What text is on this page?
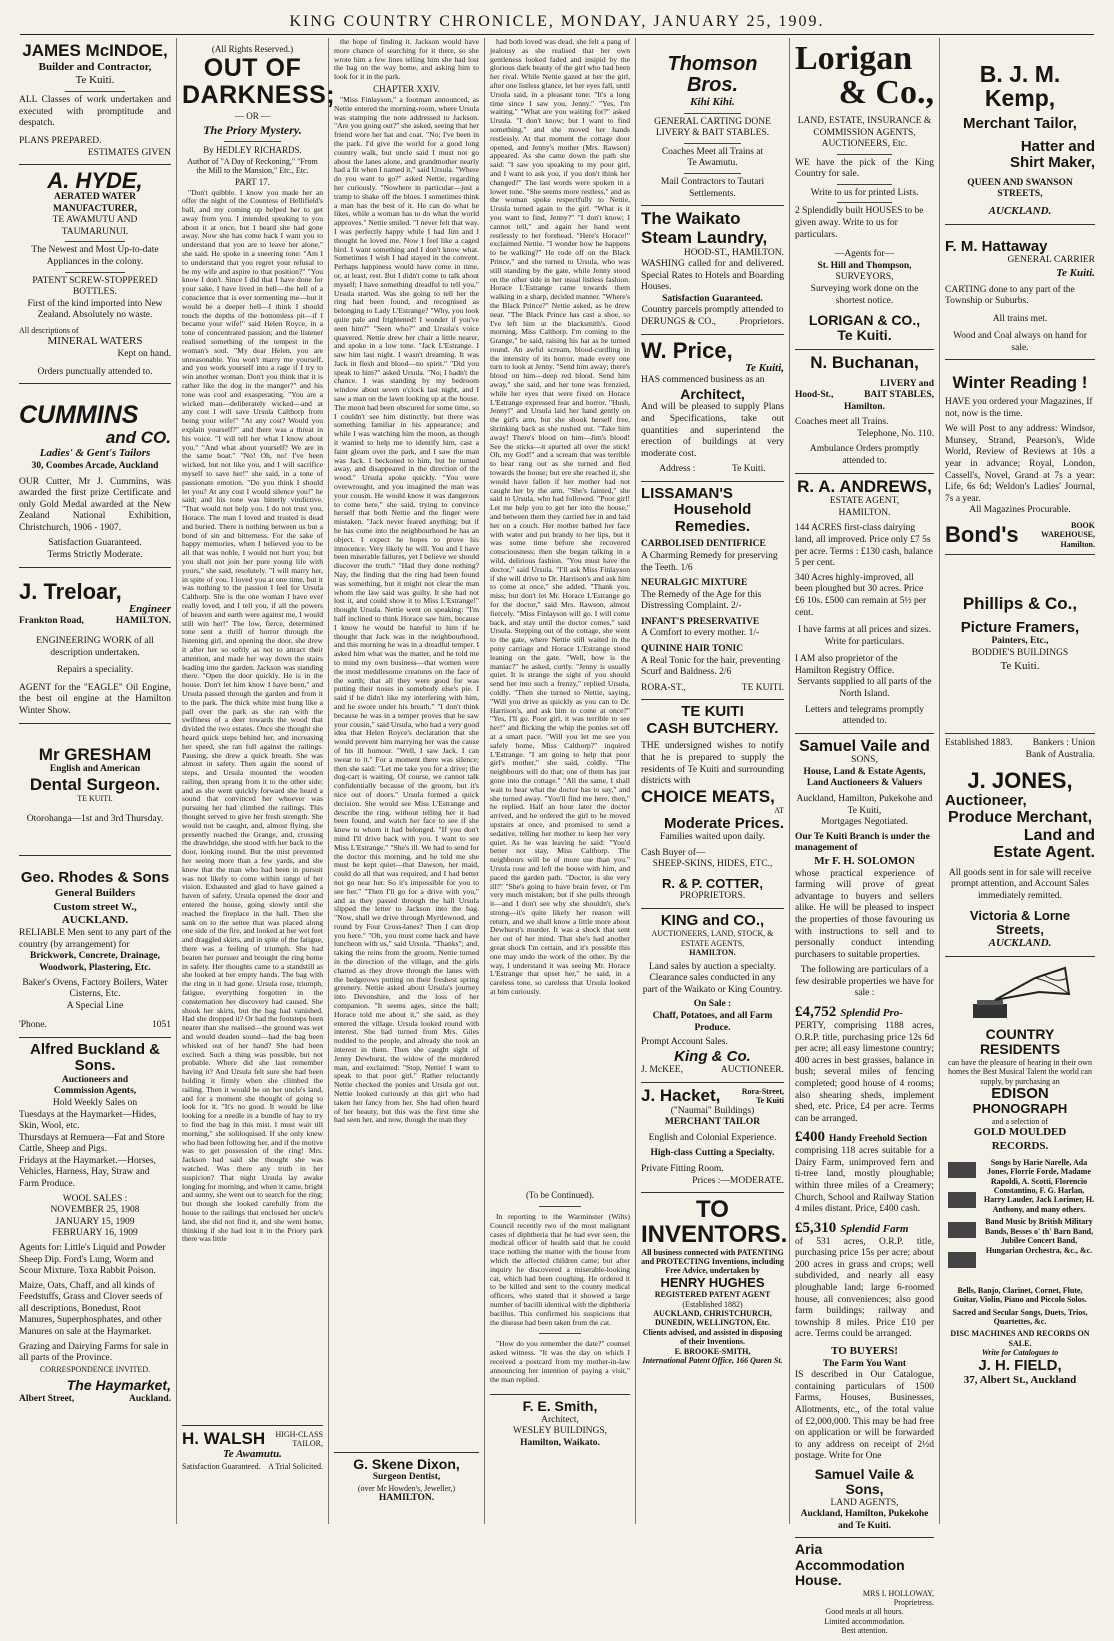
KING COUNTRY CHRONICLE, MONDAY, JANUARY 25, 1909.
JAMES McINDOE,
Builder and Contractor,
Te Kuiti.
ALL Classes of work undertaken and executed with promptitude and despatch.
PLANS PREPARED.
ESTIMATES GIVEN
A. HYDE,
AERATED WATER MANUFACTURER,
TE AWAMUTU AND TAUMARUNUI.
The Newest and Most Up-to-date Appliances in the colony.
PATENT SCREW-STOPPERED BOTTLES.
First of the kind imported into New Zealand. Absolutely no waste.
All descriptions of
MINERAL WATERS
Kept on hand.
Orders punctually attended to.
CUMMINS
and CO.
Ladies' & Gent's Tailors
30, Coombes Arcade, Auckland
OUR Cutter, Mr J. Cummins, was awarded the first prize Certificate and only Gold Medal awarded at the New Zealand National Exhibition, Christchurch, 1906 - 1907.
Satisfaction Guaranteed.
Terms Strictly Moderate.
J. Treloar,
Engineer
Frankton Road,	HAMILTON.
ENGINEERING WORK of all description undertaken.
Repairs a speciality.
AGENT for the "EAGLE" Oil Engine, the best oil engine at the Hamilton Winter Show.
Mr GRESHAM
English and American
Dental Surgeon.
TE KUITI.
Otorohanga—1st and 3rd Thursday.
Geo. Rhodes & Sons
General Builders
Custom street W.,
AUCKLAND.
RELIABLE Men sent to any part of the country (by arrangement) for
Brickwork, Concrete, Drainage, Woodwork, Plastering, Etc.
Baker's Ovens, Factory Boilers, Water Cisterns, Etc.
A Special Line
'Phone.	1051
Alfred Buckland & Sons.
Auctioneers and
Commission Agents,
Hold Weekly Sales on
Tuesdays at the Haymarket—Hides, Skin, Wool, etc.
Thursdays at Remuera—Fat and Store Cattle, Sheep and Pigs.
Fridays at the Haymarket.—Horses, Vehicles, Harness, Hay, Straw and Farm Produce.
WOOL SALES :
NOVEMBER 25, 1908
JANUARY 15, 1909
FEBRUARY 16, 1909
Agents for: Little's Liquid and Powder Sheep Dip. Ford's Lung, Worm and Scour Mixture. Toxa Rabbit Poison.
Maize, Oats, Chaff, and all kinds of Feedstuffs, Grass and Clover seeds of all descriptions, Bonedust, Root Manures, Superphosphates, and other Manures on sale at the Haymarket.
Grazing and Dairying Farms for sale in all parts of the Province.
CORRESPONDENCE INVITED.
The Haymarket,
Albert Street,	Auckland.
(All Rights Reserved.)
OUT OF
DARKNESS;
— OR —
The Priory Mystery.
By HEDLEY RICHARDS.
Author of "A Day of Reckoning," "From the Mill to the Mansion," Etc., Etc.
PART 17.

"Don't quibble. I know you made her an offer the night of the Countess of Hellifield's ball, and my coming up helped her to get away from you. I intended speaking to you about it at once, but I heard she had gone away. Now she has come back I want you to understand that you are to leave her alone," she said. He spoke in a sneering tone: "Am I to understand that you regret your refusal to be my wife and aspire to that position?" "You know I don't. Since I did that I have done for your sake, I have lived in hell—the hell of a conscience that is ever tormenting me—but it would be a deeper hell—I think I should touch the depths of the bottomless pit—if I became your wife!" said Helen Royce, in a tone of concentrated passion; and the listener realised something of the tempest in the woman's soul. "My dear Helen, you are unreasonable. You won't marry me yourself, and you work yourself into a rage if I try to win another woman. Don't you think that it is rather like the dog in the manger?" and his tone was cool and exasperating. "You are a wicked man—deliberately wicked—and at any cost I will save Ursula Calthorp from being your wife!" "At any cost? Would you explain yourself?" and there was a threat in his voice. "I will tell her what I know about you." "And what about yourself? We are in the same boat." "No! Oh, no! I've been wicked, but not like you, and I will sacrifice myself to save her!" she said, in a tone of passionate emotion. "Do you think I should let you? At any cost I would silence you!" he said; and his tone was bitterly vindictive. "That would not help you. I do not trust you, Horace. The man I loved and trusted is dead and buried. There is nothing between us but a bond of sin and bitterness. For the sake of happy memories, when I believed you to be all that was noble, I would not hurt you; but you shall not join her pure young life with yours," she said, resolutely. "I will marry her, in spite of you. I loved you at one time, but it was nothing to the passion I feel for Ursula Calthorp. She is the one woman I have ever really loved, and I tell you, if all the powers of heaven and earth were against me, I would still win her!" The low, fierce, determined tone sent a thrill of horror through the listening girl, and opening the door, she drew it after her so softly as not to attract their attention, and made her way down the stairs leading into the garden. Jackson was standing there. "Open the door quickly. He is in the house. Don't let him know I have been," and Ursula passed through the garden and from it to the park. The thick white mist hung like a pall over the park as she ran with the swiftness of a deer towards the wood that divided the two estates. Once she thought she heard quick steps behind her, and increasing her speed, she ran full against the railings. Pausing, she drew a quick breath. She was almost in safety. Then again the sound of steps, and Ursula mounted the wooden railing, then sprang from it to the other side; and as she went quickly forward she heard a sound that convinced her whoever was pursuing her had climbed the railings. This thought served to give her fresh strength. She would not be caught, and, almost flying, she presently reached the Grange, and, crossing the drawbridge, she stood with her back to the door, looking round. But the mist prevented her seeing more than a few yards, and she knew that the man who had been in pursuit was not likely to come within range of her vision. Exhausted and glad to have gained a haven of safety, Ursula opened the door and entered the house, going slowly until she reached the fireplace in the hall. Then she sank on to the settee that was placed along one side of the fire, and looked at her wet feet and draggled skirts, and in spite of the fatigue, there was a feeling of triumph. She had beaten her pursuer and brought the ring home in safety. Her thoughts came to a standstill as she looked at her empty hands. The bag with the ring in it had gone. Ursula rose, triumph, fatigue, everything forgotten in the consternation her discovery had caused. She shook her skirts, but the bag had vanished. Had she dropped it? Or had the footsteps been nearer than she realised—the ground was wet and would deaden sound—had the bag been whisked out of her hand? She had been excited. Such a thing was possible, but not probable. Where did she last remember having it? And Ursula felt sure she had been holding it firmly when she climbed the railing. Then it would be on her uncle's land, and for a moment she thought of going to look for it. "It's no good. It would be like looking for a needle in a bundle of hay to try to find the bag in this mist. I must wait till morning," she soliloquised. If she only knew who had been following her, and if the motive was to get possession of the ring! Mrs. Jackson had said she thought she was watched. Was there any truth in her suspicion? That night Ursula lay awake longing for morning, and when it came, bright and sunny, she went out to search for the ring; but though she looked carefully from the house to the railings that enclosed her uncle's land, she did not find it, and she went home, thinking if she had lost it in the Priory park there was little

H. WALSH HIGH-CLASS
TAILOR,
Te Awamutu.
Satisfaction Guaranteed. A Trial Solicited.

the hope of finding it. Jackson would have more chance of searching for it there, so she wrote him a few lines telling him she had lost the bag on the way home, and asking him to look for it in the park.

CHAPTER XXIV.

"Miss Finlayson," a footman announced, as Nettie entered the morning-room, where Ursula was stamping the note addressed to Jackson. "Are you going out?" she asked, seeing that her friend wore her hat and coat. "No; I've been in the park. I'd give the world for a good long country walk, but uncle said I must not go about the lanes alone, and grandmother nearly had a fit when I named it," said Ursula. "Where do you want to go?" asked Nettie, regarding her curiously. "Nowhere in particular—just a tramp to shake off the blues. I sometimes think a man has the best of it. He can do what he likes, while a woman has to do what the world approves." Nettie smiled. "I never felt that way. I was perfectly happy while I had Jim and I thought he loved me. Now I feel like a caged bird. I want something and I don't know what. Sometimes I wish I had stayed in the convent. Perhaps happiness would have come in time, or, at least, rest. But I didn't come to talk about myself; I have something dreadful to tell you." Ursula started. Was she going to tell her the ring had been found, and recognised as belonging to Lady L'Estrange? "Why, you look quite pale and frightened! I wonder if you've seen him?" "Seen who?" and Ursula's voice quavered. Nettie drew her chair a little nearer, and spoke in a low tone. "Jack L'Estrange. I saw him last night. I wasn't dreaming. It was Jack in flesh and blood—no spirit." "Did you speak to him?" asked Ursula. "No; I hadn't the chance. I was standing by my bedroom window about seven o'clock last night, and I saw a man on the lawn looking up at the house. The moon had been obscured for some time, so I couldn't see him distinctly, but there was something familiar in his appearance; and while I was watching him the moon, as though it wanted to help me to identify him, cast a faint gleam over the park, and I saw the man was Jack. I beckoned to him, but he turned away, and disappeared in the direction of the wood." Ursula spoke quickly. "You were overwrought, and you imagined the man was your cousin. He would know it was dangerous to come here," she said, trying to convince herself that both Nettie and the finger were mistaken. "Jack never feared anything; but if he has come into the neighbourhood he has an object. I expect he hopes to prove his innocence. Very likely he will. You and I have been miserable failures, yet I believe we should discover the truth." "Had they done nothing? Nay, the finding that the ring had been found was something, but it might not clear the man whom the law said was guilty. It she had not lost it, and could show it to Miss L'Estrange!" thought Ursula. Nettie went on speaking: "I'm half inclined to think Horace saw him, because I know he would be hateful to him if he thought that Jack was in the neighbourhood, and this morning he was in a dreadful temper. I asked him what was the matter, and he told me to mind my own business—that women were the most meddlesome creatures on the face of the earth; that all they were good for was putting their noses in somebody else's pie. I said if he didn't like my interfering with him, and he swore under his breath." "I don't think because he was in a temper proves that he saw your cousin," said Ursula, who had a very good idea that Helen Royce's declaration that she would prevent him marrying her was the cause of his ill humour. "Well, I saw Jack. I can swear to it." For a moment there was silence; then she said: "Let me take you for a drive; the dog-cart is waiting. Of course, we cannot talk confidentially because of the groom, but it's nice out of doors." Ursula formed a quick decision. She would see Miss L'Estrange and describe the ring, without telling her it had been found, and watch her face to see if she knew to whom it had belonged. "If you don't mind I'll drive back with you. I want to see Miss L'Estrange." "She's ill. We had to send for the doctor this morning, and he told me she must be kept quiet—that Dawson, her maid, could do all that was required, and I had better not go near her. So it's impossible for you to see her." "Then I'll go for a drive with you," and as they passed through the hall Ursula slipped the letter to Jackson into the bag. "Now, shall we drive through Myrtlewood, and round by Four Cross-lanes? Then I can drop you here." "Oh, you must come back and have luncheon with us," said Ursula. "Thanks"; and, taking the reins from the groom, Nettie turned in the direction of the village, and the girls chatted as they drove through the lanes with the hedgerows putting on their freshest spring greenery. Nettie asked about Ursula's journey into Devonshire, and the loss of her companion. "It seems ages, since the ball; Horace told me about it," she said, as they entered the village. Ursula looked round with interest. She had turned from Mrs. Giles nodded to the people, and already she took an interest in them. Then she caught sight of Jenny Dewhurst, the widow of the murdered man, and exclaimed: "Stop, Nettie! I want to speak to that poor girl." Rather reluctantly Nettie checked the ponies and Ursula got out. Nettie looked curiously at this girl who had taken her fancy from her. She had often heard of her beauty, but this was the first time she had seen her, and now, though the man they

G. Skene Dixon,
Surgeon Dentist,
(over Mr Howden's, Jeweller,)
HAMILTON.

had both loved was dead, she felt a pang of jealousy as she realised that her own gentleness looked faded and insipid by the glorious dark beauty of the girl who had been her rival. While Nettie gazed at her the girl, after one listless glance, let her eyes fall, until Ursula said, in a pleasant tone: "It's a long time since I saw you, Jenny." "Yes, I'm waiting." "What are you waiting for?" asked Ursula. "I don't know; but I want to find something." and she moved her hands restlessly. At that moment the cottage door opened, and Jenny's mother (Mrs. Rawson) appeared. As she came down the path she said: "I saw you speaking to my poor girl, and I want to ask you, if you don't think her changed?" The last words were spoken in a lower tone. "She seems more restless," and as the woman spoke respectfully to Nettie, Ursula turned again to the girl. "What is it you want to find, Jenny?" "I don't know; I cannot tell," and again her hand went restlessly to her forehead. "Here's Horace!" exclaimed Nettie. "I wonder how he happens to be walking?" He rode off on the Black Prince," and she turned to Ursula, who was still standing by the gate, while Jenny stood on the other side in her usual listless fashion. Horace L'Estrange came towards them walking in a sharp, decided manner. "Where's the Black Prince?" Nettie asked, as he drew near. "The Black Prince has cast a shoe, so I've left him at the blacksmith's. Good morning, Miss Calthorp. I'm coming to the Grange," he said, raising his hat as he turned round. An awful scream, blood-curdling in the intensity of its horror, made every one turn to look at Jenny. "Send him away; there's blood on him—deep red blood. Send him away," she said, and her tone was frenzied, while her eyes that were fixed on Horace L'Estrange expressed fear and horror. "Hush, Jenny!" and Ursula laid her hand gently on the girl's arm, but she shook herself free, shrinking back as she rushed out. "Take him away! There's blood on him—Jim's blood! See the sticks—it spurted all over the stick! Oh, my God!" and a scream that was terrible to hear rang out as she turned and fled towards the house; but ere she reached it, she would have fallen if her mother had not caught her by the arm. "She's fainted," she said to Ursula, who had followed. "Poor girl! Let me help you to get her into the house," and between them they carried her in and laid her on a couch. Her mother bathed her face with water and put brandy to her lips, but it was some time before she recovered consciousness; then she began talking in a wild, delirious fashion. "You must have the doctor," said Ursula. "I'll ask Miss Finlayson if she will drive to Dr. Harrison's and ask him to come at once," she added. "Thank you, miss; but don't let Mr. Horace L'Estrange go for the doctor," said Mrs. Rawson, almost fiercely. "Miss Finlayson will go. I will come back, and stay until the doctor comes," said Ursula. Stepping out of the cottage, she went to the gate, where Nettie still waited in the pony carriage and Horace L'Estrange stood leaning on the gate. "Well, how is the maniac?" he asked, curtly. "Jenny is usually quiet. It is strange the sight of you should send her into such a frenzy," replied Ursula, coldly. "Then she turned to Nettie, saying, "Will you drive as quickly as you can to Dr. Harrison's, and ask him to come at once?" "Yes, I'll go. Poor girl, it was terrible to see her!" and flicking the whip the ponies set off at a smart pace. "Will you let me see you safely home, Miss Calthorp?" inquired L'Estrange. "I am going to help that poor girl's mother," she said, coldly. "The neighbours will do that; one of them has just gone into the cottage." "All the same, I shall wait to hear what the doctor has to say," and she turned away. "You'll find me here, then," he replied. Half an hour later the doctor arrived, and he ordered the girl to be moved upstairs at once, and promised to send a sedative, telling her mother to keep her very quiet. As he was leaving he said: "You'd better not stay, Miss Calthorp. The neighbours will be of more use than you." Ursula rose and left the house with him, and paced the garden path. "Doctor, is she very ill?" "She's going to have brain fever, or I'm very much mistaken; but if she pulls through it—and I don't see why she shouldn't, she's strong—it's quite likely her reason will return, and we shall know a little more about Dewhurst's murder. It was a shock that sent her out of her mind. That she's had another great shock I'm certain, and it's possible this one may undo the work of the other. By the way, I understand it was seeing Mr. Horace L'Estrange that upset her," he said, in a careless tone, so careless that Ursula looked at him curiously.

(To be Continued).

In reporting to the Warminster (Wilts) Council recently two of the most malignant cases of diphtheria that he had ever seen, the medical officer of health said that he could trace nothing the matter with the house from which the affected children came; but after inquiry he discovered a miserable-looking cat, which had been coughing. He ordered it to be killed and sent to the county medical officers, who stated that it showed a large number of bacilli identical with the diphtheria bacillus. This confirmed his suspicions that the disease had been taken from the cat.

"How do you remember the date?" counsel asked witness. "It was the day on which I received a postcard from my mother-in-law announcing her intention of paying a visit," the man replied.

F. E. Smith,
Architect,
WESLEY BUILDINGS,
Hamilton, Waikato.
Thomson Bros.
Kihi Kihi.
GENERAL CARTING DONE
LIVERY & BAIT STABLES.
Coaches Meet all Trains at
Te Awamutu.
Mail Contractors to Tautari Settlements.
The Waikato
Steam Laundry,
HOOD-ST., HAMILTON.
WASHING called for and delivered. Special Rates to Hotels and Boarding Houses.
Satisfaction Guaranteed.
Country parcels promptly attended to
DERUNGS & CO., Proprietors.
W. Price,
Te Kuiti,
HAS commenced business as an
Architect,
And will be pleased to supply Plans and Specifications, take out quantities and superintend the erection of buildings at very moderate cost.
Address :	Te Kuiti.
LISSAMAN'S
Household
Remedies.
CARBOLISED DENTIFRICE
A Charming Remedy for preserving the Teeth. 1/6
NEURALGIC MIXTURE
The Remedy of the Age for this Distressing Complaint. 2/-
INFANT'S PRESERVATIVE
A Comfort to every mother. 1/-
QUININE HAIR TONIC
A Real Tonic for the hair, preventing Scurf and Baldness. 2/6
RORA-ST.,	TE KUITI.
TE KUITI
CASH BUTCHERY.
THE undersigned wishes to notify that he is prepared to supply the residents of Te Kuiti and surrounding districts with
CHOICE MEATS,
AT
Moderate Prices.
Families waited upon daily.
Cash Buyer of—
SHEEP-SKINS, HIDES, ETC.,
R. & P. COTTER,
PROPRIETORS.
KING and CO.,
AUCTIONEERS, LAND, STOCK, & ESTATE AGENTS,
HAMILTON.
Land sales by auction a specialty.
Clearance sales conducted in any part of the Waikato or King Country.
On Sale :
Chaff, Potatoes, and all Farm Produce.
Prompt Account Sales.
King & Co.
J. McKEE,	AUCTIONEER.
J. Hacket,	Rora-Street, Te Kuiti
("Naumai" Buildings)
MERCHANT TAILOR
English and Colonial Experience.
High-class Cutting a Specialty.
Private Fitting Room.
Prices :—MODERATE.
TO INVENTORS.
All business connected with PATENTING and PROTECTING Inventions, including Free Advice, undertaken by
HENRY HUGHES
REGISTERED PATENT AGENT
(Established 1882)
AUCKLAND, CHRISTCHURCH, DUNEDIN, WELLINGTON, Etc.
Clients advised, and assisted in disposing of their Inventions.
E. BROOKE-SMITH,
International Patent Office, 166 Queen St.
Lorigan
& Co.,
LAND, ESTATE, INSURANCE & COMMISSION AGENTS, AUCTIONEERS, Etc.
WE have the pick of the King Country for sale.
Write to us for printed Lists.
2 Splendidly built HOUSES to be given away. Write to us for particulars.
—Agents for—
St. Hill and Thompson,
SURVEYORS,
Surveying work done on the shortest notice.
LORIGAN & CO.,
Te Kuiti.
N. Buchanan,
LIVERY and
Hood-St.,	BAIT STABLES,
Hamilton.
Coaches meet all Trains.
Telephone, No. 110.
Ambulance Orders promptly attended to.
R. A. ANDREWS,
ESTATE AGENT,
HAMILTON.
144 ACRES first-class dairying land, all improved. Price only £7 5s per acre. Terms : £130 cash, balance 5 per cent.
340 Acres highly-improved, all been ploughed but 30 acres. Price £6 10s. £500 can remain at 5½ per cent.
I have farms at all prices and sizes. Write for particulars.
I AM also proprietor of the Hamilton Registry Office.
Servants supplied to all parts of the North Island.
Letters and telegrams promptly attended to.
Samuel Vaile and
SONS,
House, Land & Estate Agents,
Land Auctioneers & Valuers
Auckland, Hamilton, Pukekohe and Te Kuiti,
Mortgages Negotiated.
Our Te Kuiti Branch is under the management of
Mr F. H. SOLOMON
whose practical experience of farming will prove of great advantage to buyers and sellers alike. He will be pleased to inspect the properties of those favouring us with instructions to sell and to personally conduct intending purchasers to suitable properties.
The following are particulars of a few desirable properties we have for sale :
£4,752 Splendid Pro-
PERTY, comprising 1188 acres, O.R.P. title, purchasing price 12s 6d per acre; all easy limestone country; 400 acres in best grasses, balance in bush; several miles of fencing completed; good house of 4 rooms; also shearing sheds, implement shed, etc. Price, £4 per acre. Terms can be arranged.
£400 Handy Freehold Section
comprising 118 acres suitable for a Dairy Farm, unimproved fern and ti-tree land, mostly ploughable; within three miles of a Creamery; Church, School and Railway Station 4 miles distant. Price, £400 cash.
£5,310 Splendid Farm
of 531 acres, O.R.P. title, purchasing price 15s per acre; about 200 acres in grass and crops; well subdivided, and nearly all easy ploughable land; large 6-roomed house, all conveniences; also good farm buildings; railway and township 8 miles. Price £10 per acre. Terms could be arranged.
TO BUYERS!
The Farm You Want
IS described in Our Catalogue, containing particulars of 1500 Farms, Houses, Businesses, Allotments, etc., of the total value of £2,000,000. This may be had free on application or will be forwarded to any address on receipt of 2½d postage. Write for One
Samuel Vaile & Sons,
LAND AGENTS,
Auckland, Hamilton, Pukekohe and Te Kuiti.
Aria Accommodation House.
MRS I. HOLLOWAY,
Proprietress.
Good meals at all hours.
Limited accommodation.
Best attention.
B. J. M. Kemp,
Merchant Tailor,
Hatter and
Shirt Maker,
QUEEN AND SWANSON STREETS,
AUCKLAND.
F. M. Hattaway
GENERAL CARRIER
Te Kuiti.
CARTING done to any part of the Township or Suburbs.
All trains met.
Wood and Coal always on hand for sale.
Winter Reading !
HAVE you ordered your Magazines, If not, now is the time.
We will Post to any address: Windsor, Munsey, Strand, Pearson's, Wide World, Review of Reviews at 10s a year in advance; Royal, London, Cassell's, Novel, Grand at 7s a year: Life, 6s 6d; Weldon's Ladies' Journal, 7s a year.
All Magazines Procurable.
Bond's	BOOK WAREHOUSE,
Hamilton.
Phillips & Co.,
Picture Framers,
Painters, Etc.,
BODDIE'S BUILDINGS
Te Kuiti.
Established 1883.	Bankers : Union Bank of Australia.
J. JONES,
Auctioneer,
Produce Merchant,
Land and
Estate Agent.
All goods sent in for sale will receive prompt attention, and Account Sales immediately remitted.
Victoria & Lorne Streets,
AUCKLAND.
COUNTRY RESIDENTS
can have the pleasure of hearing in their own homes the Best Musical Talent the world can supply, by purchasing an
EDISON
PHONOGRAPH
and a selection of
GOLD MOULDED
RECORDS.
Songs by Harie Narelle, Ada Jones, Florrie Forde, Madame Rapoldi, A. Scotti, Florencio Constantino, F. G. Harlan, Harry Lauder, Jack Lorimer, H. Anthony, and many others.
Band Music by British Military Bands, Besses o' th' Barn Band, Jubilee Concert Band, Hungarian Orchestra, &c., &c.
Bells, Banjo, Clarinet, Cornet, Flute, Guitar, Violin, Piano and Piccolo Solos.
Sacred and Secular Songs, Duets, Trios, Quartettes, &c.
DISC MACHINES AND RECORDS ON SALE.
Write for Catalogues to
J. H. FIELD,
37, Albert St., Auckland
